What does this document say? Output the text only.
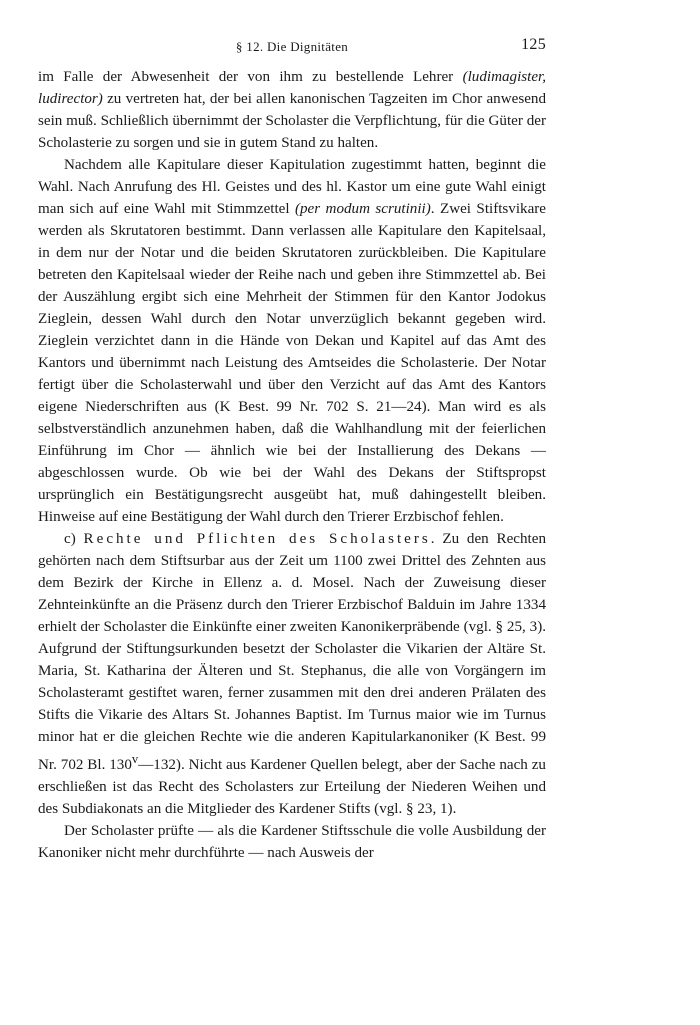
§ 12. Die Dignitäten	125

im Falle der Abwesenheit der von ihm zu bestellende Lehrer (ludimagister, ludirector) zu vertreten hat, der bei allen kanonischen Tagzeiten im Chor anwesend sein muß. Schließlich übernimmt der Scholaster die Verpflichtung, für die Güter der Scholasterie zu sorgen und sie in gutem Stand zu halten.

Nachdem alle Kapitulare dieser Kapitulation zugestimmt hatten, beginnt die Wahl. Nach Anrufung des Hl. Geistes und des hl. Kastor um eine gute Wahl einigt man sich auf eine Wahl mit Stimmzettel (per modum scrutinii). Zwei Stiftsvikare werden als Skrutatoren bestimmt. Dann verlassen alle Kapitulare den Kapitelsaal, in dem nur der Notar und die beiden Skrutatoren zurückbleiben. Die Kapitulare betreten den Kapitelsaal wieder der Reihe nach und geben ihre Stimmzettel ab. Bei der Auszählung ergibt sich eine Mehrheit der Stimmen für den Kantor Jodokus Zieglein, dessen Wahl durch den Notar unverzüglich bekannt gegeben wird. Zieglein verzichtet dann in die Hände von Dekan und Kapitel auf das Amt des Kantors und übernimmt nach Leistung des Amtseides die Scholasterie. Der Notar fertigt über die Scholasterwahl und über den Verzicht auf das Amt des Kantors eigene Niederschriften aus (K Best. 99 Nr. 702 S. 21—24). Man wird es als selbstverständlich anzunehmen haben, daß die Wahlhandlung mit der feierlichen Einführung im Chor — ähnlich wie bei der Installierung des Dekans — abgeschlossen wurde. Ob wie bei der Wahl des Dekans der Stiftspropst ursprünglich ein Bestätigungsrecht ausgeübt hat, muß dahingestellt bleiben. Hinweise auf eine Bestätigung der Wahl durch den Trierer Erzbischof fehlen.

c) Rechte und Pflichten des Scholasters. Zu den Rechten gehörten nach dem Stiftsurbar aus der Zeit um 1100 zwei Drittel des Zehnten aus dem Bezirk der Kirche in Ellenz a. d. Mosel. Nach der Zuweisung dieser Zehnteinkünfte an die Präsenz durch den Trierer Erzbischof Balduin im Jahre 1334 erhielt der Scholaster die Einkünfte einer zweiten Kanonikerpräbende (vgl. § 25, 3). Aufgrund der Stiftungsurkunden besetzt der Scholaster die Vikarien der Altäre St. Maria, St. Katharina der Älteren und St. Stephanus, die alle von Vorgängern im Scholasteramt gestiftet waren, ferner zusammen mit den drei anderen Prälaten des Stifts die Vikarie des Altars St. Johannes Baptist. Im Turnus maior wie im Turnus minor hat er die gleichen Rechte wie die anderen Kapitularkanoniker (K Best. 99 Nr. 702 Bl. 130$^v$—132). Nicht aus Kardener Quellen belegt, aber der Sache nach zu erschließen ist das Recht des Scholasters zur Erteilung der Niederen Weihen und des Subdiakonats an die Mitglieder des Kardener Stifts (vgl. § 23, 1).

Der Scholaster prüfte — als die Kardener Stiftsschule die volle Ausbildung der Kanoniker nicht mehr durchführte — nach Ausweis der
